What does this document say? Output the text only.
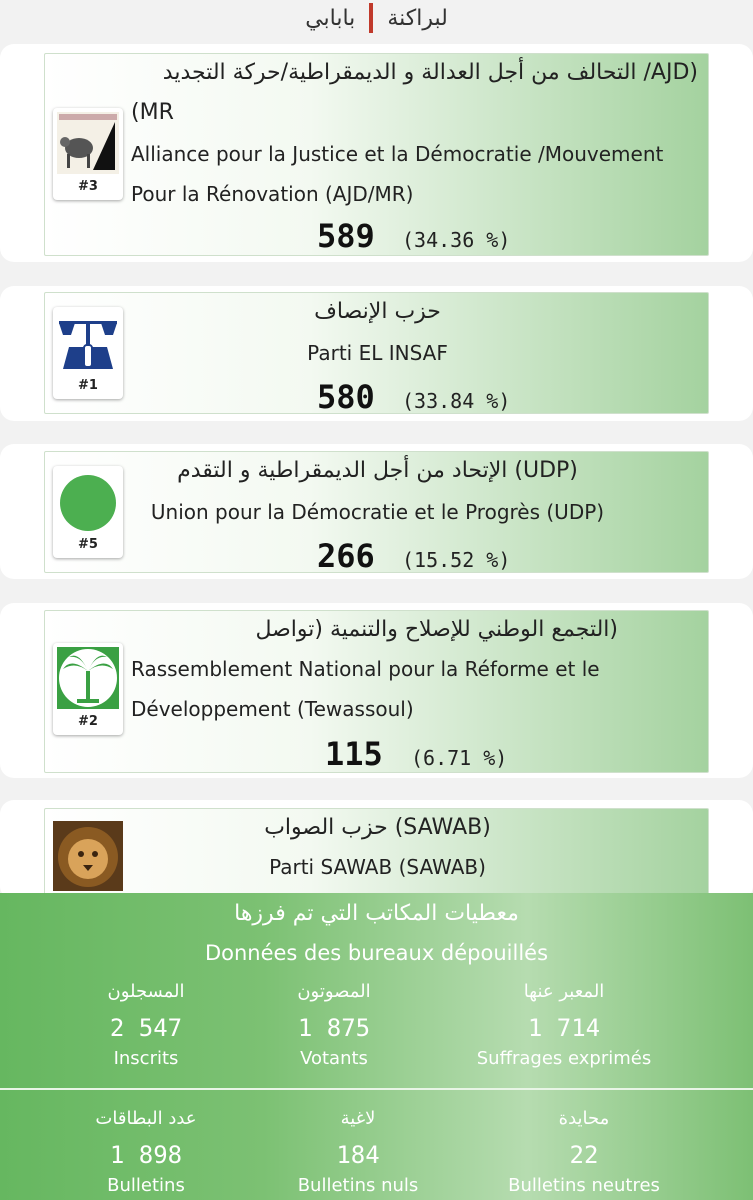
بابابي لبراكنة
#3
(AJD/ التحالف من أجل العدالة و الديمقراطية/حركة التجديد
MR)
Alliance pour la Justice et la Démocratie /Mouvement
Pour la Rénovation (AJD/MR)
589 (34.36 %)
#1
حزب الإنصاف
Parti EL INSAF
580 (33.84 %)
#5
(UDP) الإتحاد من أجل الديمقراطية و التقدم
Union pour la Démocratie et le Progrès (UDP)
266 (15.52 %)
#2
(التجمع الوطني للإصلاح والتنمية (تواصل
Rassemblement National pour la Réforme et le
Développement (Tewassoul)
115 (6.71 %)
(SAWAB) حزب الصواب
Parti SAWAB (SAWAB)
معطيات المكاتب التي تم فرزها
Données des bureaux dépouillés
المسجلون
2 547
Inscrits
المصوتون
1 875
Votants
المعبر عنها
1 714
Suffrages exprimés
عدد البطاقات
1 898
Bulletins
لاغية
184
Bulletins nuls
محايدة
22
Bulletins neutres
